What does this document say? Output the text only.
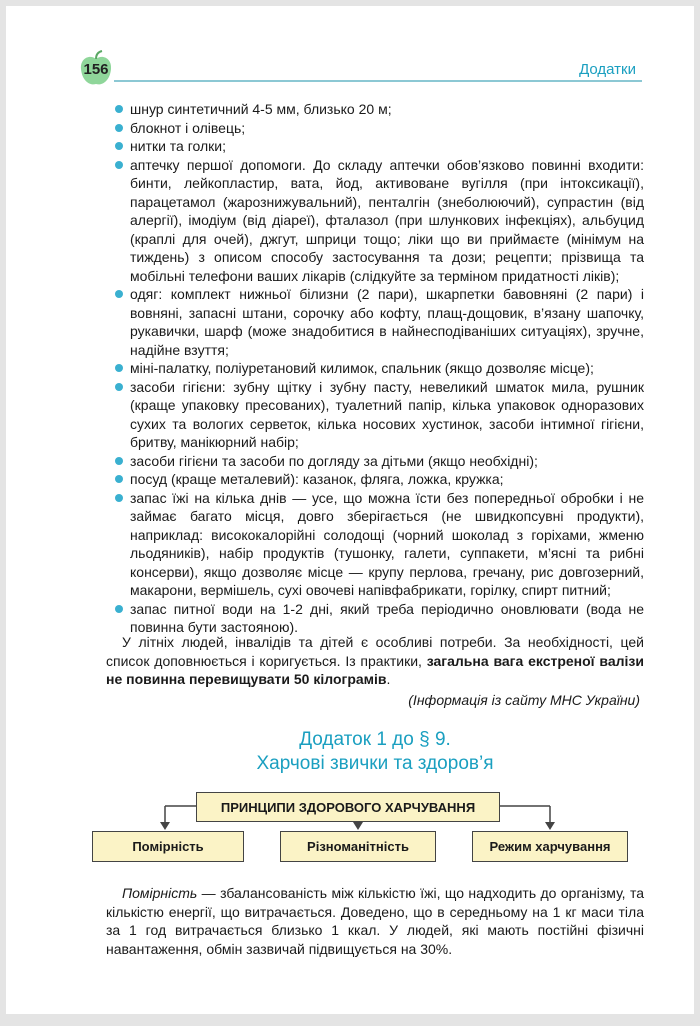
156	Додатки
шнур синтетичний 4-5 мм, близько 20 м;
блокнот і олівець;
нитки та голки;
аптечку першої допомоги. До складу аптечки обов’язково повинні входити: бинти, лейкопластир, вата, йод, активоване вугілля (при інтоксикації), парацетамол (жарознижувальний), пенталгін (знеболюючий), супрастин (від алергії), імодіум (від діареї), фталазол (при шлункових інфекціях), альбуцид (краплі для очей), джгут, шприци тощо; ліки що ви приймаєте (мінімум на тиждень) з описом способу застосування та дози; рецепти; прізвища та мобільні телефони ваших лікарів (слідкуйте за терміном придатності ліків);
одяг: комплект нижньої білизни (2 пари), шкарпетки бавовняні (2 пари) і вовняні, запасні штани, сорочку або кофту, плащ-дощовик, в’язану шапочку, рукавички, шарф (може знадобитися в найнесподіваніших ситуаціях), зручне, надійне взуття;
міні-палатку, поліуретановий килимок, спальник (якщо дозволяє місце);
засоби гігієни: зубну щітку і зубну пасту, невеликий шматок мила, рушник (краще упаковку пресованих), туалетний папір, кілька упаковок одноразових сухих та вологих серветок, кілька носових хустинок, засоби інтимної гігієни, бритву, манікюрний набір;
засоби гігієни та засоби по догляду за дітьми (якщо необхідні);
посуд (краще металевий): казанок, фляга, ложка, кружка;
запас їжі на кілька днів — усе, що можна їсти без попередньої обробки і не займає багато місця, довго зберігається (не швидкопсувні продукти), наприклад: висококалорійні солодощі (чорний шоколад з горіхами, жменю льодяників), набір продуктів (тушонку, галети, суппакети, м’ясні та рибні консерви), якщо дозволяє місце — крупу перлова, гречану, рис довгозерний, макарони, вермішель, сухі овочеві напівфабрикати, горілку, спирт питний;
запас питної води на 1-2 дні, який треба періодично оновлювати (вода не повинна бути застояною).

У літніх людей, інвалідів та дітей є особливі потреби. За необхідності, цей список доповнюється і коригується. Із практики, загальна вага екстреної валізи не повинна перевищувати 50 кілограмів.

(Інформація із сайту МНС України)
Додаток 1 до § 9.
Харчові звички та здоров’я
ПРИНЦИПИ ЗДОРОВОГО ХАРЧУВАННЯ
Помірність	Різноманітність	Режим харчування

Помірність — збалансованість між кількістю їжі, що надходить до організму, та кількістю енергії, що витрачається. Доведено, що в середньому на 1 кг маси тіла за 1 год витрачається близько 1 ккал. У людей, які мають постійні фізичні навантаження, обмін зазвичай підвищується на 30%.
